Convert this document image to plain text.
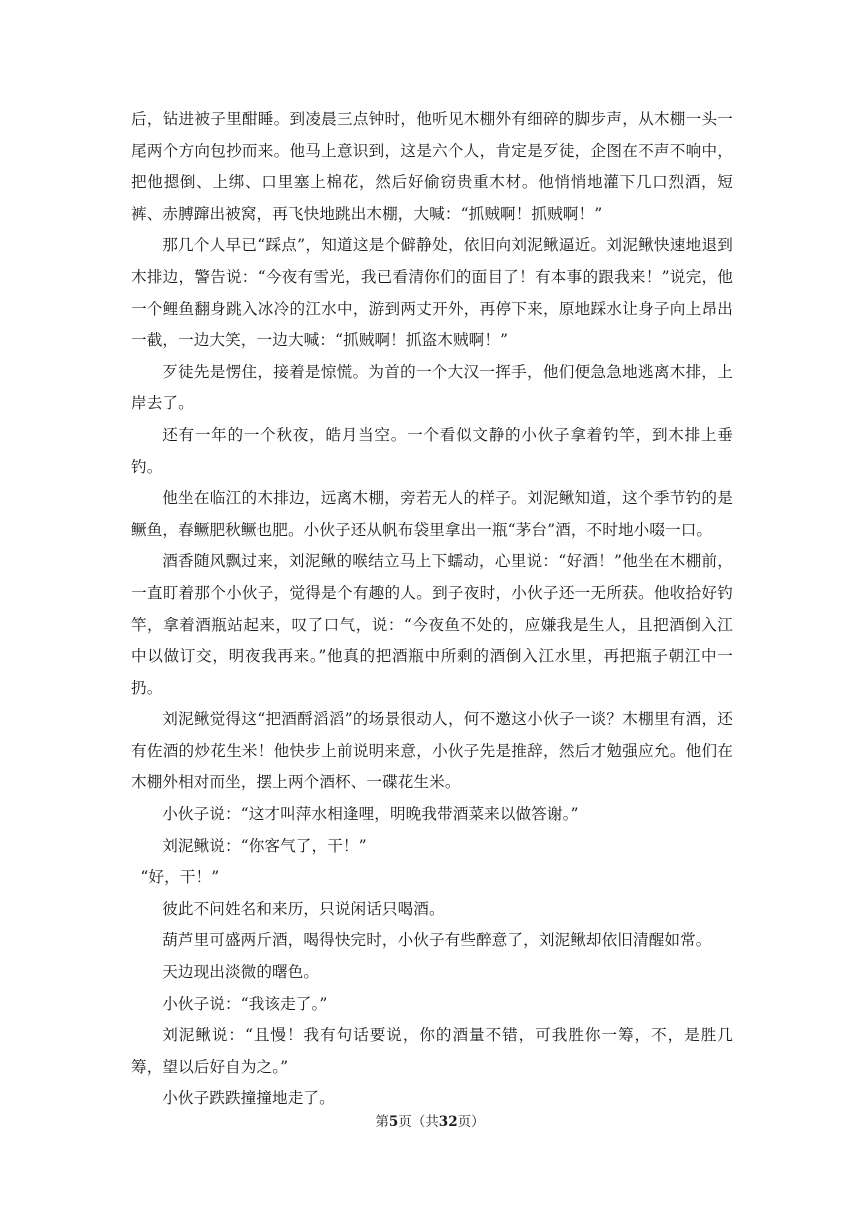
后，钻进被子里酣睡。到凌晨三点钟时，他听见木棚外有细碎的脚步声，从木棚一头一尾两个方向包抄而来。他马上意识到，这是六个人，肯定是歹徒，企图在不声不响中，把他摁倒、上绑、口里塞上棉花，然后好偷窃贵重木材。他悄悄地灌下几口烈酒，短裤、赤膊蹿出被窝，再飞快地跳出木棚，大喊：“抓贼啊！抓贼啊！”

那几个人早已“踩点”，知道这是个僻静处，依旧向刘泥鳅逼近。刘泥鳅快速地退到木排边，警告说：“今夜有雪光，我已看清你们的面目了！有本事的跟我来！”说完，他一个鲤鱼翻身跳入冰冷的江水中，游到两丈开外，再停下来，原地踩水让身子向上昂出一截，一边大笑，一边大喊：“抓贼啊！抓盗木贼啊！”

歹徒先是愣住，接着是惊慌。为首的一个大汉一挥手，他们便急急地逃离木排，上岸去了。

还有一年的一个秋夜，皓月当空。一个看似文静的小伙子拿着钓竿，到木排上垂钓。

他坐在临江的木排边，远离木棚，旁若无人的样子。刘泥鳅知道，这个季节钓的是鳜鱼，春鳜肥秋鳜也肥。小伙子还从帆布袋里拿出一瓶“茅台”酒，不时地小啜一口。

酒香随风飘过来，刘泥鳅的喉结立马上下蠕动，心里说：“好酒！”他坐在木棚前，一直盯着那个小伙子，觉得是个有趣的人。到子夜时，小伙子还一无所获。他收拾好钓竿，拿着酒瓶站起来，叹了口气，说：“今夜鱼不处的，应嫌我是生人，且把酒倒入江中以做订交，明夜我再来。”他真的把酒瓶中所剩的酒倒入江水里，再把瓶子朝江中一扔。

刘泥鳅觉得这“把酒酹滔滔”的场景很动人，何不邀这小伙子一谈？木棚里有酒，还有佐酒的炒花生米！他快步上前说明来意，小伙子先是推辞，然后才勉强应允。他们在木棚外相对而坐，摆上两个酒杯、一碟花生米。

小伙子说：“这才叫萍水相逢哩，明晚我带酒菜来以做答谢。”

刘泥鳅说：“你客气了，干！”

“好，干！”

彼此不问姓名和来历，只说闲话只喝酒。

葫芦里可盛两斤酒，喝得快完时，小伙子有些醉意了，刘泥鳅却依旧清醒如常。

天边现出淡微的曙色。

小伙子说：“我该走了。”

刘泥鳅说：“且慢！我有句话要说，你的酒量不错，可我胜你一筹，不，是胜几筹，望以后好自为之。”

小伙子跌跌撞撞地走了。

第5页（共32页）
